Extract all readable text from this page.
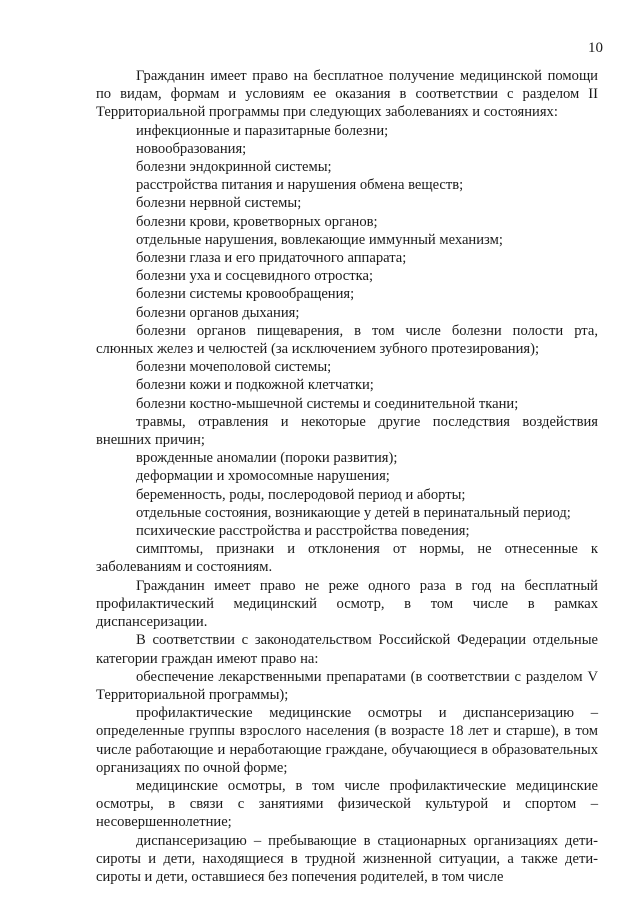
10

Гражданин имеет право на бесплатное получение медицинской помощи по видам, формам и условиям ее оказания в соответствии с разделом II Территориальной программы при следующих заболеваниях и состояниях:

инфекционные и паразитарные болезни;

новообразования;

болезни эндокринной системы;

расстройства питания и нарушения обмена веществ;

болезни нервной системы;

болезни крови, кроветворных органов;

отдельные нарушения, вовлекающие иммунный механизм;

болезни глаза и его придаточного аппарата;

болезни уха и сосцевидного отростка;

болезни системы кровообращения;

болезни органов дыхания;

болезни органов пищеварения, в том числе болезни полости рта, слюнных желез и челюстей (за исключением зубного протезирования);

болезни мочеполовой системы;

болезни кожи и подкожной клетчатки;

болезни костно-мышечной системы и соединительной ткани;

травмы, отравления и некоторые другие последствия воздействия внешних причин;

врожденные аномалии (пороки развития);

деформации и хромосомные нарушения;

беременность, роды, послеродовой период и аборты;

отдельные состояния, возникающие у детей в перинатальный период;

психические расстройства и расстройства поведения;

симптомы, признаки и отклонения от нормы, не отнесенные к заболеваниям и состояниям.

Гражданин имеет право не реже одного раза в год на бесплатный профилактический медицинский осмотр, в том числе в рамках диспансеризации.

В соответствии с законодательством Российской Федерации отдельные категории граждан имеют право на:

обеспечение лекарственными препаратами (в соответствии с разделом V Территориальной программы);

профилактические медицинские осмотры и диспансеризацию – определенные группы взрослого населения (в возрасте 18 лет и старше), в том числе работающие и неработающие граждане, обучающиеся в образовательных организациях по очной форме;

медицинские осмотры, в том числе профилактические медицинские осмотры, в связи с занятиями физической культурой и спортом – несовершеннолетние;

диспансеризацию – пребывающие в стационарных организациях дети-сироты и дети, находящиеся в трудной жизненной ситуации, а также дети-сироты и дети, оставшиеся без попечения родителей, в том числе
